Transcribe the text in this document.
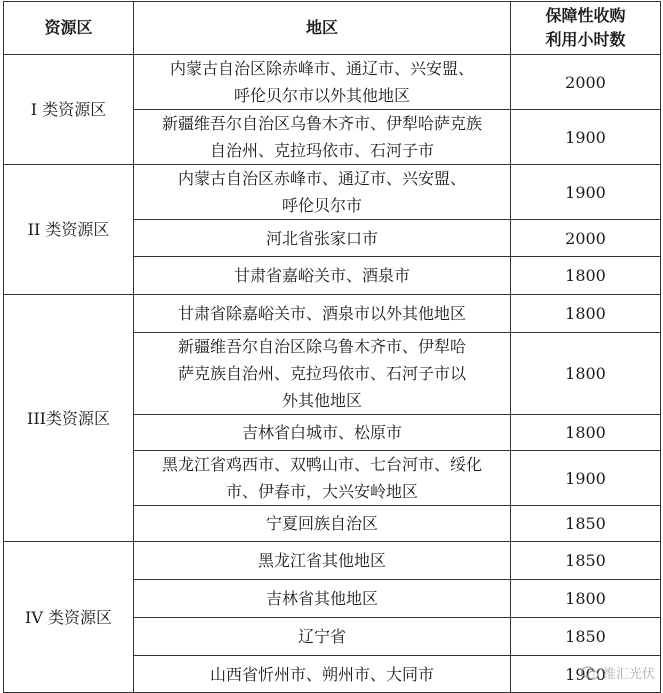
资源区	地区	保障性收购
利用小时数

I 类资源区	内蒙古自治区除赤峰市、通辽市、兴安盟、
呼伦贝尔市以外其他地区	2000

	新疆维吾尔自治区乌鲁木齐市、伊犁哈萨克族
自治州、克拉玛依市、石河子市	1900
II 类资源区	内蒙古自治区赤峰市、通辽市、兴安盟、
呼伦贝尔市	1900

	河北省张家口市	2000

	甘肃省嘉峪关市、酒泉市	1800
III类资源区	甘肃省除嘉峪关市、酒泉市以外其他地区	1800

	新疆维吾尔自治区除乌鲁木齐市、伊犁哈
萨克族自治州、克拉玛依市、石河子市以
外其他地区	1800

	吉林省白城市、松原市	1800

	黑龙江省鸡西市、双鸭山市、七台河市、绥化
市、伊春市，大兴安岭地区	1900

	宁夏回族自治区	1850
IV 类资源区	黑龙江省其他地区	1850

	吉林省其他地区	1800

	辽宁省	1850

	山西省忻州市、朔州市、大同市	1900
维汇光伏
